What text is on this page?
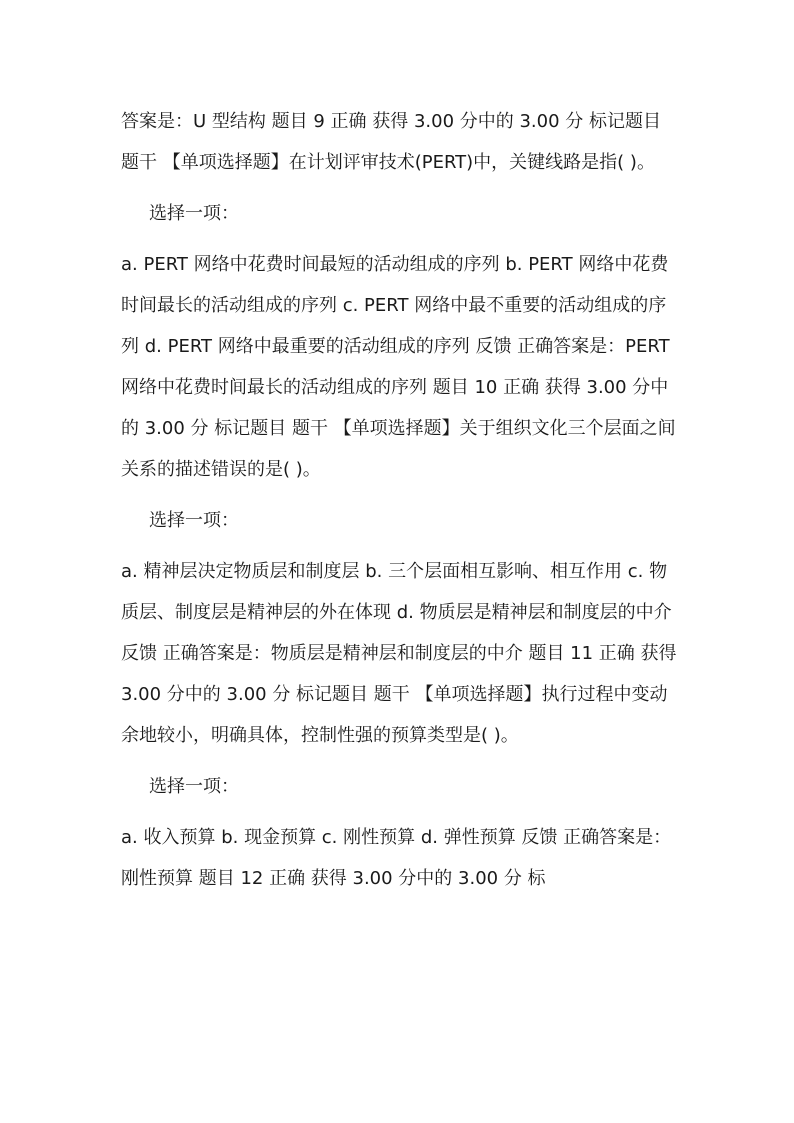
答案是：U 型结构 题目 9 正确 获得 3.00 分中的 3.00 分 标记题目 题干 【单项选择题】在计划评审技术(PERT)中，关键线路是指( )。

选择一项：

a. PERT 网络中花费时间最短的活动组成的序列 b. PERT 网络中花费时间最长的活动组成的序列 c. PERT 网络中最不重要的活动组成的序列 d. PERT 网络中最重要的活动组成的序列 反馈 正确答案是：PERT 网络中花费时间最长的活动组成的序列 题目 10 正确 获得 3.00 分中的 3.00 分 标记题目 题干 【单项选择题】关于组织文化三个层面之间关系的描述错误的是( )。

选择一项：

a. 精神层决定物质层和制度层 b. 三个层面相互影响、相互作用 c. 物质层、制度层是精神层的外在体现 d. 物质层是精神层和制度层的中介 反馈 正确答案是：物质层是精神层和制度层的中介 题目 11 正确 获得 3.00 分中的 3.00 分 标记题目 题干 【单项选择题】执行过程中变动余地较小，明确具体，控制性强的预算类型是( )。

选择一项：

a. 收入预算 b. 现金预算 c. 刚性预算 d. 弹性预算 反馈 正确答案是：刚性预算 题目 12 正确 获得 3.00 分中的 3.00 分 标
